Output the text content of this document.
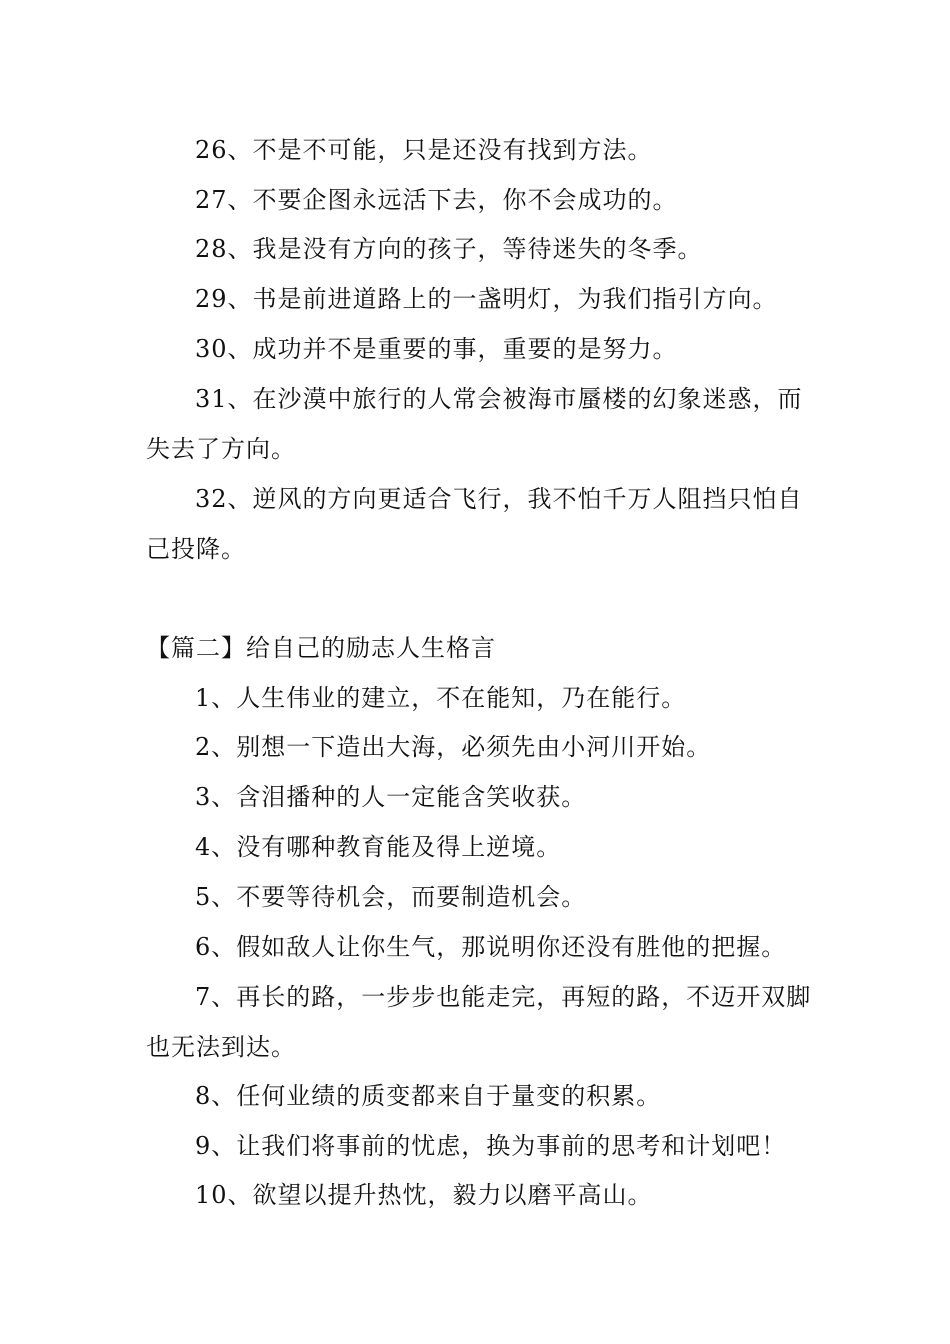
26、不是不可能，只是还没有找到方法。

27、不要企图永远活下去，你不会成功的。

28、我是没有方向的孩子，等待迷失的冬季。

29、书是前进道路上的一盏明灯，为我们指引方向。

30、成功并不是重要的事，重要的是努力。

31、在沙漠中旅行的人常会被海市蜃楼的幻象迷惑，而失去了方向。

32、逆风的方向更适合飞行，我不怕千万人阻挡只怕自己投降。

【篇二】给自己的励志人生格言

1、人生伟业的建立，不在能知，乃在能行。

2、别想一下造出大海，必须先由小河川开始。

3、含泪播种的人一定能含笑收获。

4、没有哪种教育能及得上逆境。

5、不要等待机会，而要制造机会。

6、假如敌人让你生气，那说明你还没有胜他的把握。

7、再长的路，一步步也能走完，再短的路，不迈开双脚也无法到达。

8、任何业绩的质变都来自于量变的积累。

9、让我们将事前的忧虑，换为事前的思考和计划吧！

10、欲望以提升热忱，毅力以磨平高山。
